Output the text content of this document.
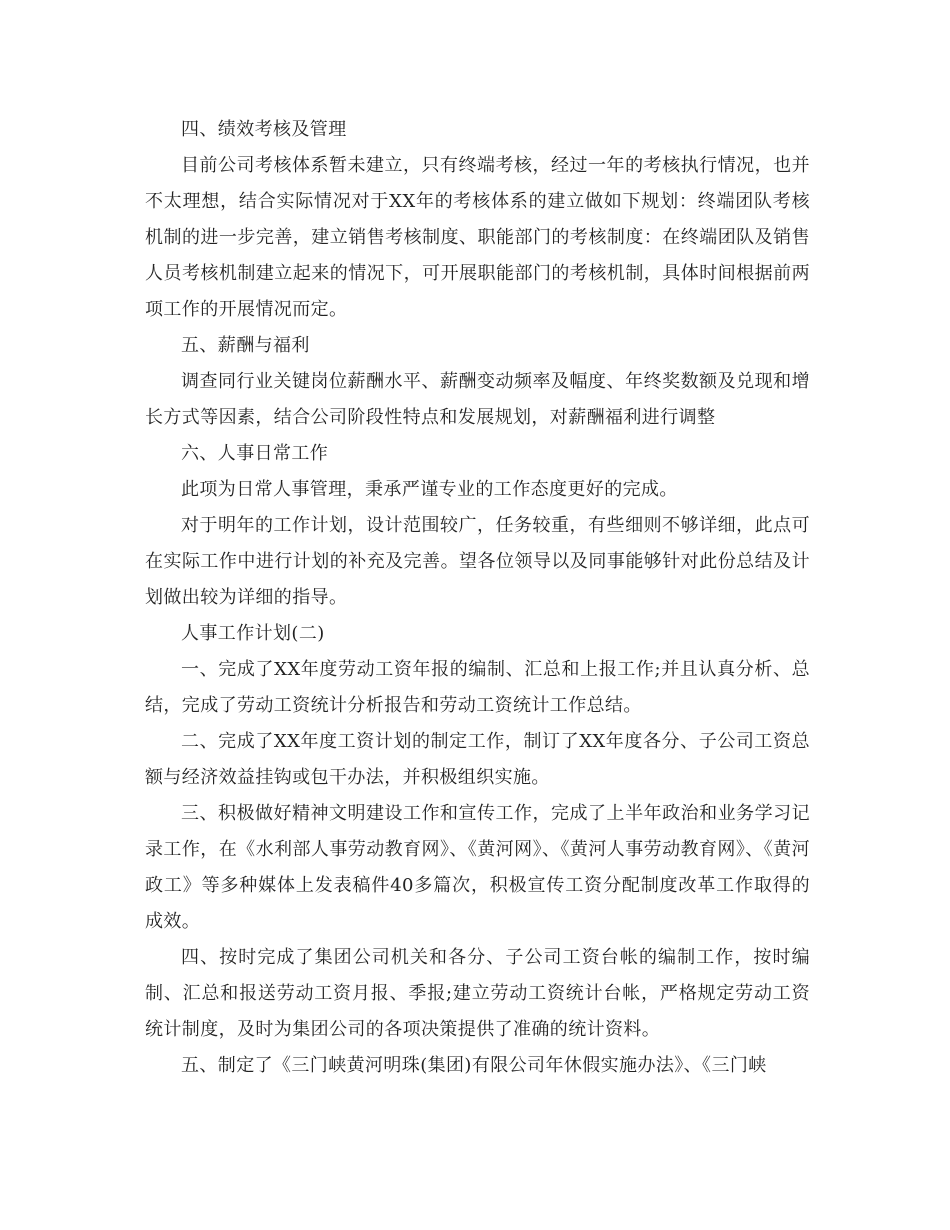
四、绩效考核及管理

目前公司考核体系暂未建立，只有终端考核，经过一年的考核执行情况，也并不太理想，结合实际情况对于XX年的考核体系的建立做如下规划：终端团队考核机制的进一步完善，建立销售考核制度、职能部门的考核制度：在终端团队及销售人员考核机制建立起来的情况下，可开展职能部门的考核机制，具体时间根据前两项工作的开展情况而定。

五、薪酬与福利

调查同行业关键岗位薪酬水平、薪酬变动频率及幅度、年终奖数额及兑现和增长方式等因素，结合公司阶段性特点和发展规划，对薪酬福利进行调整

六、人事日常工作

此项为日常人事管理，秉承严谨专业的工作态度更好的完成。

对于明年的工作计划，设计范围较广，任务较重，有些细则不够详细，此点可在实际工作中进行计划的补充及完善。望各位领导以及同事能够针对此份总结及计划做出较为详细的指导。

人事工作计划(二)

一、完成了XX年度劳动工资年报的编制、汇总和上报工作;并且认真分析、总结，完成了劳动工资统计分析报告和劳动工资统计工作总结。

二、完成了XX年度工资计划的制定工作，制订了XX年度各分、子公司工资总额与经济效益挂钩或包干办法，并积极组织实施。

三、积极做好精神文明建设工作和宣传工作，完成了上半年政治和业务学习记录工作，在《水利部人事劳动教育网》、《黄河网》、《黄河人事劳动教育网》、《黄河政工》等多种媒体上发表稿件40多篇次，积极宣传工资分配制度改革工作取得的成效。

四、按时完成了集团公司机关和各分、子公司工资台帐的编制工作，按时编制、汇总和报送劳动工资月报、季报;建立劳动工资统计台帐，严格规定劳动工资统计制度，及时为集团公司的各项决策提供了准确的统计资料。

五、制定了《三门峡黄河明珠(集团)有限公司年休假实施办法》、《三门峡
